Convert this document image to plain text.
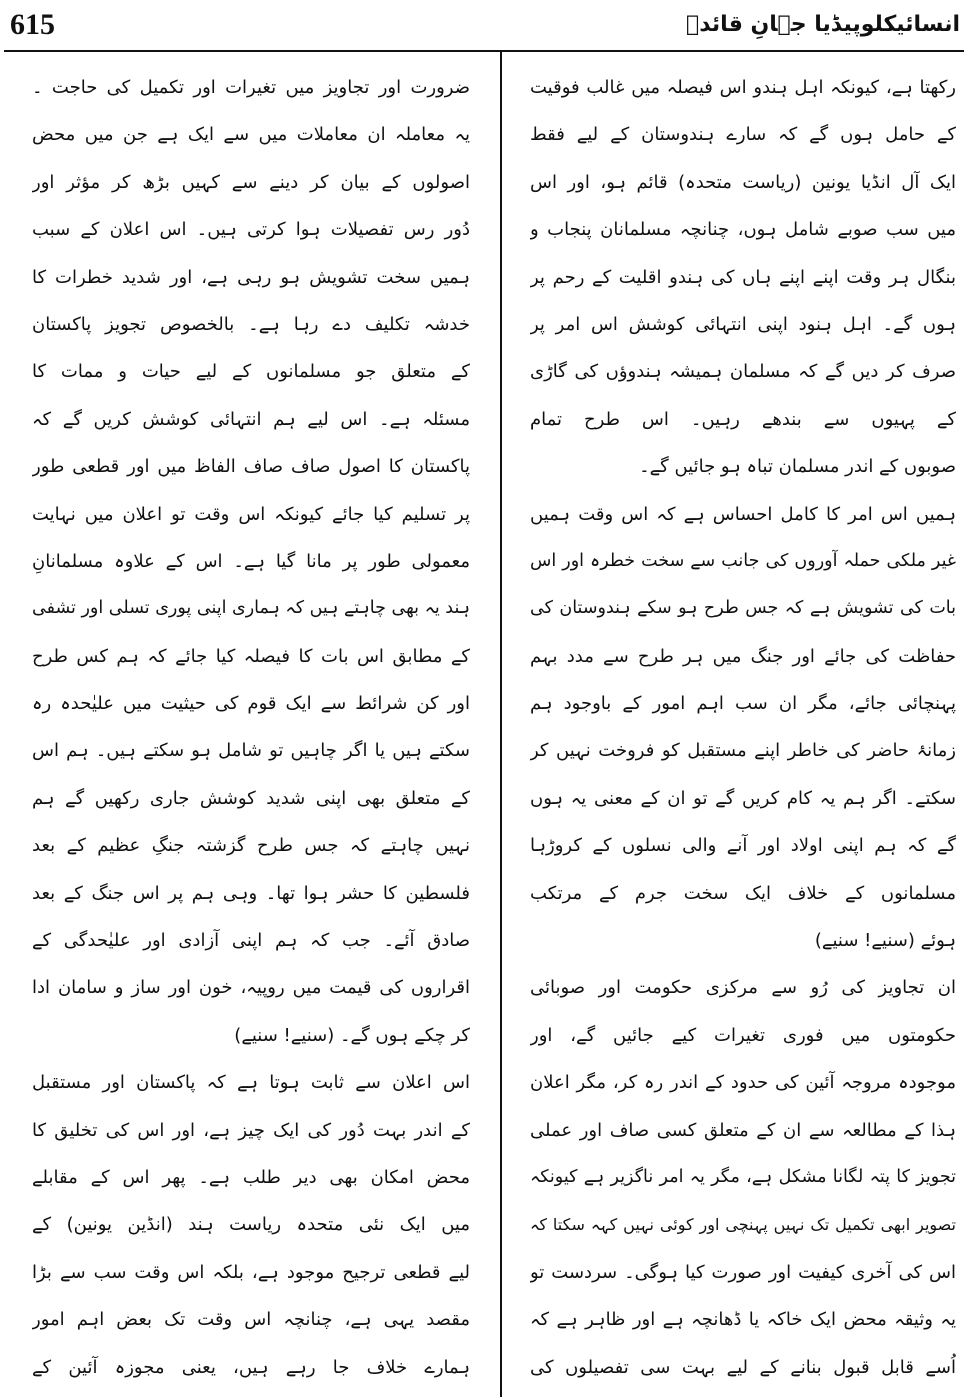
انسائیکلوپیڈیا جہانِ قائدؒ
615
رکھتا ہے، کیونکہ اہل ہندو اس فیصلہ میں غالب فوقیت
کے حامل ہوں گے کہ سارے ہندوستان کے لیے فقط
ایک آل انڈیا یونین (ریاست متحدہ) قائم ہو، اور اس
میں سب صوبے شامل ہوں، چنانچہ مسلمانان پنجاب و
بنگال ہر وقت اپنے اپنے ہاں کی ہندو اقلیت کے رحم پر
ہوں گے۔ اہل ہنود اپنی انتہائی کوشش اس امر پر
صرف کر دیں گے کہ مسلمان ہمیشہ ہندوؤں کی گاڑی
کے پہیوں سے بندھے رہیں۔ اس طرح تمام
صوبوں کے اندر مسلمان تباہ ہو جائیں گے۔
ہمیں اس امر کا کامل احساس ہے کہ اس وقت ہمیں
غیر ملکی حملہ آوروں کی جانب سے سخت خطرہ اور اس
بات کی تشویش ہے کہ جس طرح ہو سکے ہندوستان کی
حفاظت کی جائے اور جنگ میں ہر طرح سے مدد بہم
پہنچائی جائے، مگر ان سب اہم امور کے باوجود ہم
زمانۂ حاضر کی خاطر اپنے مستقبل کو فروخت نہیں کر
سکتے۔ اگر ہم یہ کام کریں گے تو ان کے معنی یہ ہوں
گے کہ ہم اپنی اولاد اور آنے والی نسلوں کے کروڑہا
مسلمانوں کے خلاف ایک سخت جرم کے مرتکب
ہوئے (سنیے! سنیے)
ان تجاویز کی رُو سے مرکزی حکومت اور صوبائی
حکومتوں میں فوری تغیرات کیے جائیں گے، اور
موجودہ مروجہ آئین کی حدود کے اندر رہ کر، مگر اعلان
ہذا کے مطالعہ سے ان کے متعلق کسی صاف اور عملی
تجویز کا پتہ لگانا مشکل ہے، مگر یہ امر ناگزیر ہے کیونکہ
تصویر ابھی تکمیل تک نہیں پہنچی اور کوئی نہیں کہہ سکتا کہ
اس کی آخری کیفیت اور صورت کیا ہوگی۔ سردست تو
یہ وثیقہ محض ایک خاکہ یا ڈھانچہ ہے اور ظاہر ہے کہ
اُسے قابل قبول بنانے کے لیے بہت سی تفصیلوں کی
ضرورت اور تجاویز میں تغیرات اور تکمیل کی حاجت ۔
یہ معاملہ ان معاملات میں سے ایک ہے جن میں محض
اصولوں کے بیان کر دینے سے کہیں بڑھ کر مؤثر اور
دُور رس تفصیلات ہوا کرتی ہیں۔ اس اعلان کے سبب
ہمیں سخت تشویش ہو رہی ہے، اور شدید خطرات کا
خدشہ تکلیف دے رہا ہے۔ بالخصوص تجویز پاکستان
کے متعلق جو مسلمانوں کے لیے حیات و ممات کا
مسئلہ ہے۔ اس لیے ہم انتہائی کوشش کریں گے کہ
پاکستان کا اصول صاف صاف الفاظ میں اور قطعی طور
پر تسلیم کیا جائے کیونکہ اس وقت تو اعلان میں نہایت
معمولی طور پر مانا گیا ہے۔ اس کے علاوہ مسلمانانِ
ہند یہ بھی چاہتے ہیں کہ ہماری اپنی پوری تسلی اور تشفی
کے مطابق اس بات کا فیصلہ کیا جائے کہ ہم کس طرح
اور کن شرائط سے ایک قوم کی حیثیت میں علیٰحدہ رہ
سکتے ہیں یا اگر چاہیں تو شامل ہو سکتے ہیں۔ ہم اس
کے متعلق بھی اپنی شدید کوشش جاری رکھیں گے ہم
نہیں چاہتے کہ جس طرح گزشتہ جنگِ عظیم کے بعد
فلسطین کا حشر ہوا تھا۔ وہی ہم پر اس جنگ کے بعد
صادق آئے۔ جب کہ ہم اپنی آزادی اور علیٰحدگی کے
اقراروں کی قیمت میں روپیہ، خون اور ساز و سامان ادا
کر چکے ہوں گے۔ (سنیے! سنیے)
اس اعلان سے ثابت ہوتا ہے کہ پاکستان اور مستقبل
کے اندر بہت دُور کی ایک چیز ہے، اور اس کی تخلیق کا
محض امکان بھی دیر طلب ہے۔ پھر اس کے مقابلے
میں ایک نئی متحدہ ریاست ہند (انڈین یونین) کے
لیے قطعی ترجیح موجود ہے، بلکہ اس وقت سب سے بڑا
مقصد یہی ہے، چنانچہ اس وقت تک بعض اہم امور
ہمارے خلاف جا رہے ہیں، یعنی مجوزہ آئین کے
